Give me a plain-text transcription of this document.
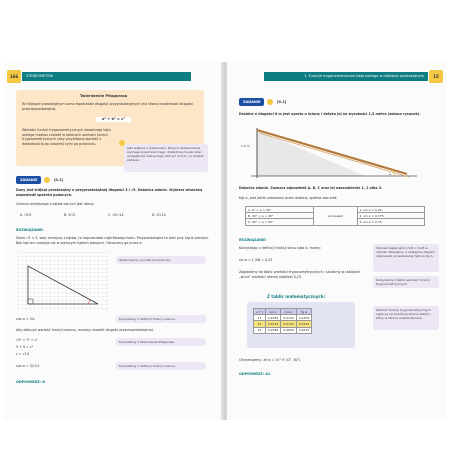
166	STEREOMETRIA
Twierdzenie Pitagorasa
W trójkącie prostokątnym suma kwadratów długości przyprostokątnych jest równa kwadratowi długości przeciwprostokątnej.
a² + b² = c²
Wartości funkcji trygonometrycznych dowolnego kąta ostrego możesz znaleźć w tablicach wartości funkcji trygonometrycznych (aby przybliżoną wartość z dokładnością do czwartej cyfry po przecinku.
Jeśli wątpisz o tożsamości, których zastosowanie wymaga znajomości tego, dokładniej musisz zdać umiejętność ważną tego, którym mój to, co zrobisz zadanie.
ZADANIE	[0–1]
Dany jest trójkąt prostokątny o przyprostokątnej długości 3 i √5. Dokończ zdanie. Wybierz właściwą odpowiedź spośród podanych.
Cosinus mniejszego z kątów ostrych jest równy
A. √5/3	B. 3/√5	C. √5/√14	D. 3/√14
ROZWIĄZANIE:
Skoro √5 < 3, więc mniejszy z kątów, to naprzeciwko najkrótszego boku. Przyprostokątne to boki przy kącie prostym. Bok kąt ten znajduje się w szerszych kątach prostych. Oznaczmy go przez α.
Wykonujemy rysunek pomocniczy.
cos α = 3/c	Korzystamy z definicji funkcji cosinus.
Aby obliczyć wartość funkcji cosinus, musimy znaleźć długość przeciwprostokątnej.
√5² + 3² = c²
5 + 9 = c²
c = √14
Korzystamy z twierdzenia Pitagorasa.
cos α = 3/√14	Korzystamy z definicji funkcji cosinus.
ODPOWIEDŹ: D
1. Funkcje trygonometryczne kąta ostrego w trójkącie prostokątnym	15
ZADANIE	[0–1]
Drabinę o długości 6 m jest oparto o ścianę i dotyka jej na wysokości 1,5 metra (zobacz rysunek).
1,5 m
α
Dokończ zdanie. Zaznacz odpowiedź A, B, C oraz jej uzasadnienie 1, 2 albo 3.
Kąt α, pod jakim ustawiono przez drabinę, spełnia warunek
A. 0° < α < 30°	ponieważ	1. sin α = 0,25.
B. 30° < α < 45°		2. sin α = 0,375.
C. 45° < α < 60°		3. sin α = 0,75.
ROZWIĄZANIE:
Korzystając z definicji funkcji sinus kąta α, mamy:
sin α = 1,5/6 = 0,25
Ułamek zapisz jako 1,5/6 = 0,25 w ułamek dziesiętny, a następnie dopiero odpowiedz na wskazania tylko w tej A.
Zaglądamy do tablic wartości trygonometrycznych i szukamy w tablicach „sinus” wartości równej najbliżej 0,25.
Korzystamy z tablic wartości funkcji trygonometrycznych.
Z tablic matematycznych:
α (°)	sin α	cos α	tg α
13	0,2250	0,9744	0,2309
14	0,2419	0,9703	0,2493
15	0,2588	0,9659	0,2679
Wartość funkcji trygonometrycznych ujęte są na podobnej stronie tablicy, który w tablice matematyczne.
Otrzymujemy, że α ≈ 15° ∈ (0°, 30°).
ODPOWIEDŹ: A1
